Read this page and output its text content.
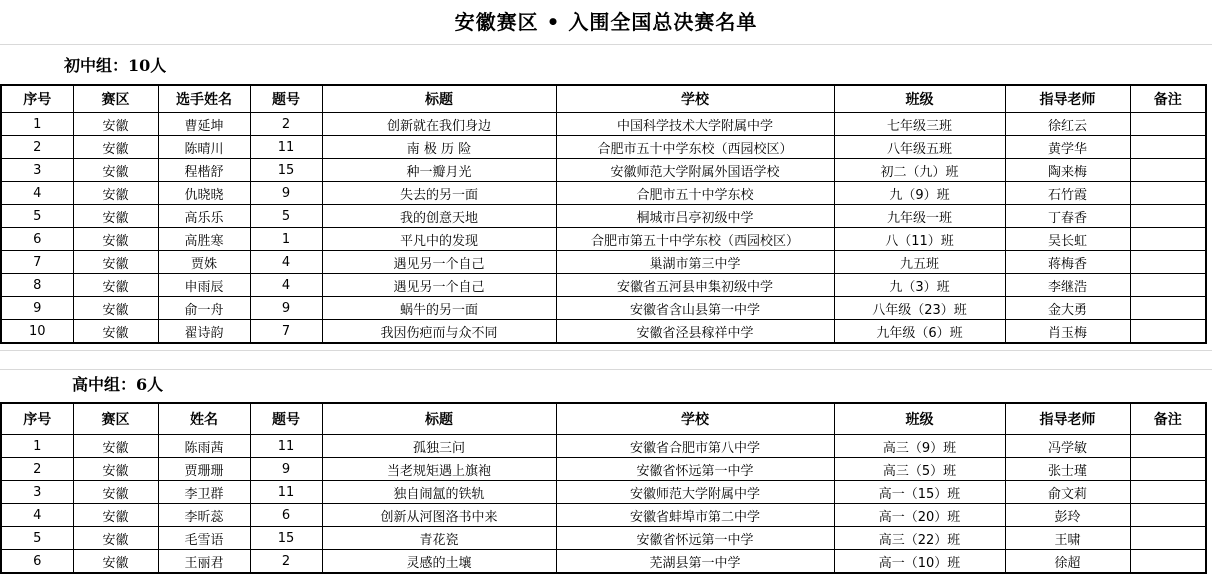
安徽赛区 • 入围全国总决赛名单
初中组：10人
序号	赛区	选手姓名	题号	标题	学校	班级	指导老师	备注
1	安徽	曹延坤	2	创新就在我们身边	中国科学技术大学附属中学	七年级三班	徐红云	
2	安徽	陈晴川	11	南 极 历 险	合肥市五十中学东校（西园校区）	八年级五班	黄学华	
3	安徽	程楷舒	15	种一瓣月光	安徽师范大学附属外国语学校	初二（九）班	陶来梅	
4	安徽	仇晓晓	9	失去的另一面	合肥市五十中学东校	九（9）班	石竹霞	
5	安徽	高乐乐	5	我的创意天地	桐城市吕亭初级中学	九年级一班	丁春香	
6	安徽	高胜寒	1	平凡中的发现	合肥市第五十中学东校（西园校区）	八（11）班	吴长虹	
7	安徽	贾姝	4	遇见另一个自己	巢湖市第三中学	九五班	蒋梅香	
8	安徽	申雨辰	4	遇见另一个自己	安徽省五河县申集初级中学	九（3）班	李继浩	
9	安徽	俞一舟	9	蜗牛的另一面	安徽省含山县第一中学	八年级（23）班	金大勇	
10	安徽	翟诗韵	7	我因伤疤而与众不同	安徽省泾县稼祥中学	九年级（6）班	肖玉梅	
高中组：6人
序号	赛区	姓名	题号	标题	学校	班级	指导老师	备注
1	安徽	陈雨茜	11	孤独三问	安徽省合肥市第八中学	高三（9）班	冯学敏	
2	安徽	贾珊珊	9	当老规矩遇上旗袍	安徽省怀远第一中学	高三（5）班	张士瑾	
3	安徽	李卫群	11	独自闹氲的铁轨	安徽师范大学附属中学	高一（15）班	俞文莉	
4	安徽	李昕蕊	6	创新从河图洛书中来	安徽省蚌埠市第二中学	高一（20）班	彭玲	
5	安徽	毛雪语	15	青花瓷	安徽省怀远第一中学	高三（22）班	王啸	
6	安徽	王丽君	2	灵感的土壤	芜湖县第一中学	高一（10）班	徐超	
